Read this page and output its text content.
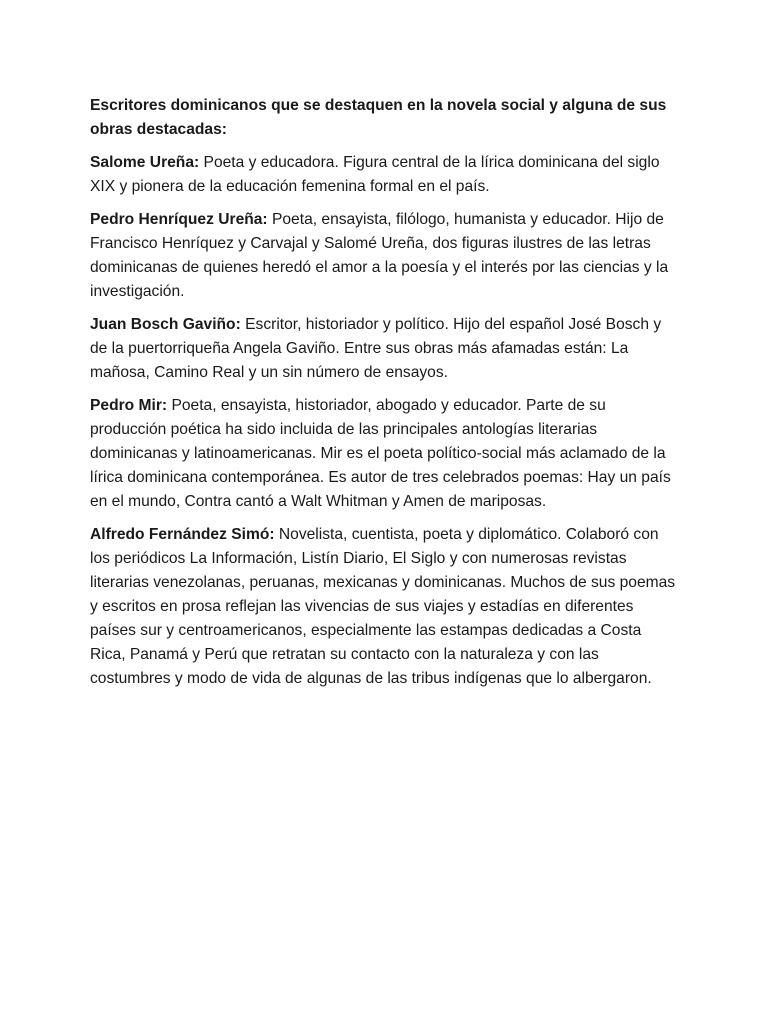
Escritores dominicanos que se destaquen en la novela social y alguna de sus obras destacadas:

Salome Ureña: Poeta y educadora. Figura central de la lírica dominicana del siglo XIX y pionera de la educación femenina formal en el país.

Pedro Henríquez Ureña: Poeta, ensayista, filólogo, humanista y educador. Hijo de Francisco Henríquez y Carvajal y Salomé Ureña, dos figuras ilustres de las letras dominicanas de quienes heredó el amor a la poesía y el interés por las ciencias y la investigación.

Juan Bosch Gaviño: Escritor, historiador y político. Hijo del español José Bosch y de la puertorriqueña Angela Gaviño. Entre sus obras más afamadas están: La mañosa, Camino Real y un sin número de ensayos.

Pedro Mir: Poeta, ensayista, historiador, abogado y educador. Parte de su producción poética ha sido incluida de las principales antologías literarias dominicanas y latinoamericanas. Mir es el poeta político-social más aclamado de la lírica dominicana contemporánea. Es autor de tres celebrados poemas: Hay un país en el mundo, Contra cantó a Walt Whitman y Amen de mariposas.

Alfredo Fernández Simó: Novelista, cuentista, poeta y diplomático. Colaboró con los periódicos La Información, Listín Diario, El Siglo y con numerosas revistas literarias venezolanas, peruanas, mexicanas y dominicanas. Muchos de sus poemas y escritos en prosa reflejan las vivencias de sus viajes y estadías en diferentes países sur y centroamericanos, especialmente las estampas dedicadas a Costa Rica, Panamá y Perú que retratan su contacto con la naturaleza y con las costumbres y modo de vida de algunas de las tribus indígenas que lo albergaron.
